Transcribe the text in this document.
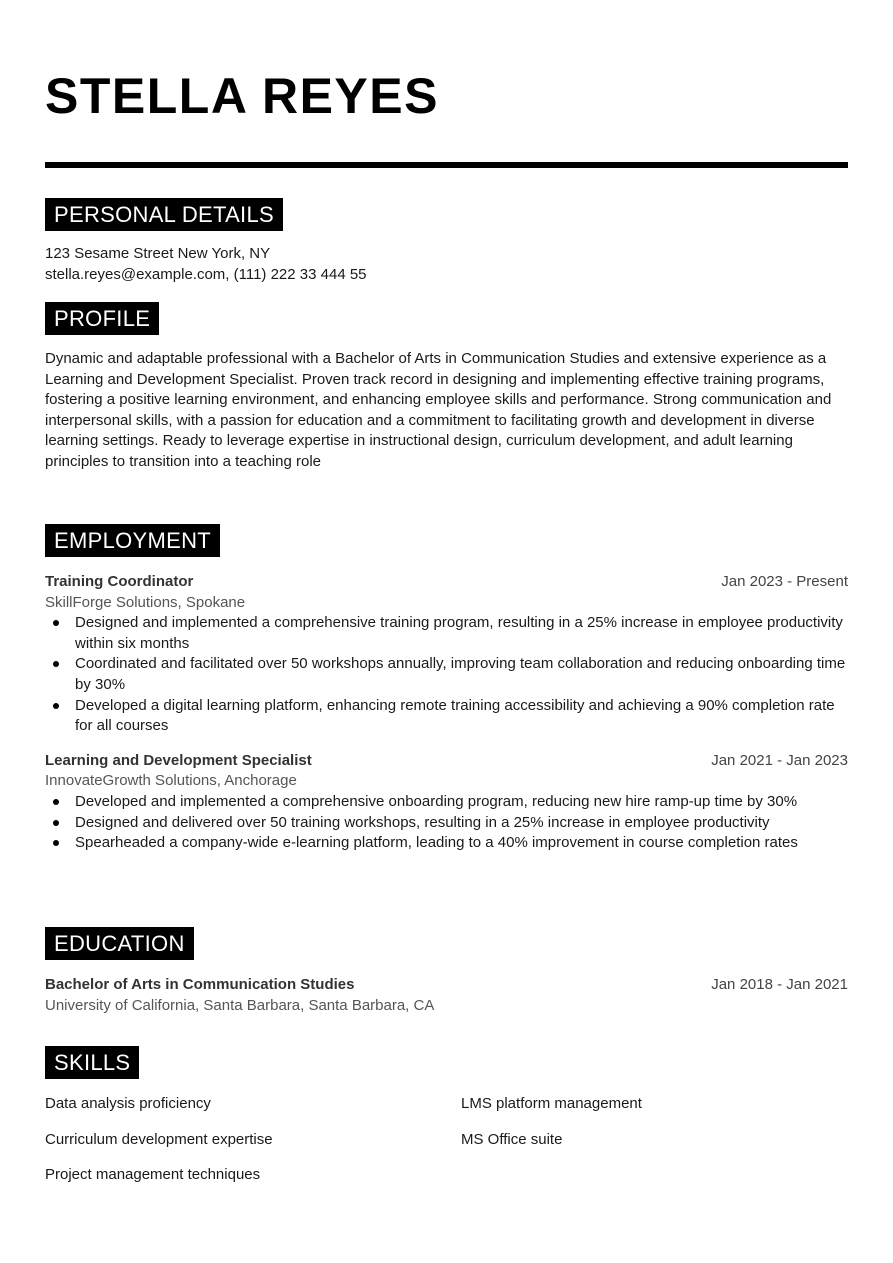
STELLA REYES
PERSONAL DETAILS

123 Sesame Street New York, NY

stella.reyes@example.com, (111) 222 33 444 55

PROFILE

Dynamic and adaptable professional with a Bachelor of Arts in Communication Studies and extensive experience as a Learning and Development Specialist. Proven track record in designing and implementing effective training programs, fostering a positive learning environment, and enhancing employee skills and performance. Strong communication and interpersonal skills, with a passion for education and a commitment to facilitating growth and development in diverse learning settings. Ready to leverage expertise in instructional design, curriculum development, and adult learning principles to transition into a teaching role

EMPLOYMENT
Training Coordinator	Jan 2023 - Present
SkillForge Solutions, Spokane
Designed and implemented a comprehensive training program, resulting in a 25% increase in employee productivity within six months
Coordinated and facilitated over 50 workshops annually, improving team collaboration and reducing onboarding time by 30%
Developed a digital learning platform, enhancing remote training accessibility and achieving a 90% completion rate for all courses
Learning and Development Specialist	Jan 2021 - Jan 2023
InnovateGrowth Solutions, Anchorage
Developed and implemented a comprehensive onboarding program, reducing new hire ramp-up time by 30%
Designed and delivered over 50 training workshops, resulting in a 25% increase in employee productivity
Spearheaded a company-wide e-learning platform, leading to a 40% improvement in course completion rates
EDUCATION
Bachelor of Arts in Communication Studies	Jan 2018 - Jan 2021
University of California, Santa Barbara, Santa Barbara, CA
SKILLS
Data analysis proficiency	LMS platform management
Curriculum development expertise	MS Office suite
Project management techniques
